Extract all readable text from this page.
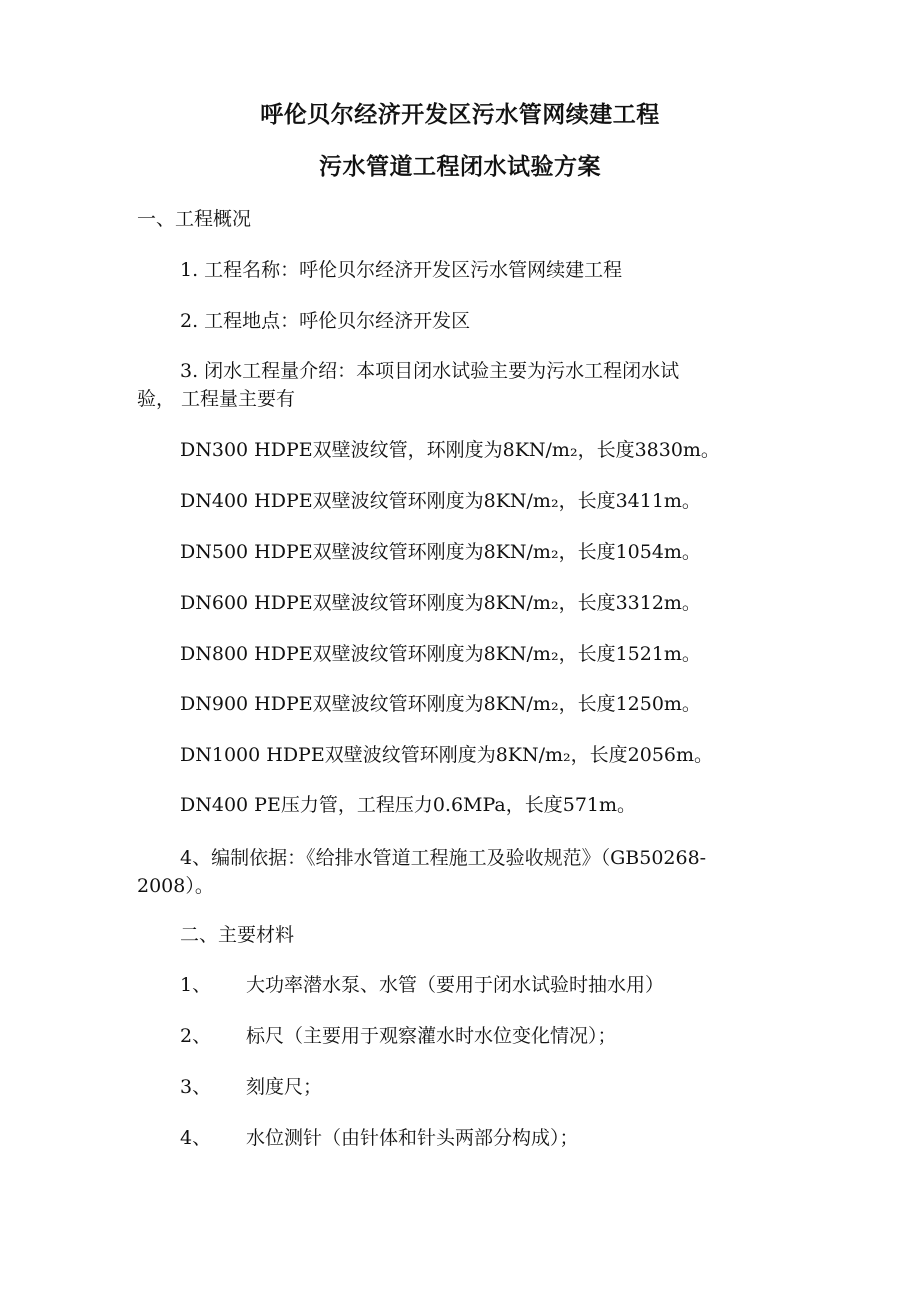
呼伦贝尔经济开发区污水管网续建工程
污水管道工程闭水试验方案
一、工程概况
1. 工程名称：呼伦贝尔经济开发区污水管网续建工程
2. 工程地点：呼伦贝尔经济开发区
3. 闭水工程量介绍：本项目闭水试验主要为污水工程闭水试
验， 工程量主要有
DN300 HDPE双壁波纹管，环刚度为8KN/m₂，长度3830m。
DN400 HDPE双壁波纹管环刚度为8KN/m₂，长度3411m。
DN500 HDPE双壁波纹管环刚度为8KN/m₂，长度1054m。
DN600 HDPE双壁波纹管环刚度为8KN/m₂，长度3312m。
DN800 HDPE双壁波纹管环刚度为8KN/m₂，长度1521m。
DN900 HDPE双壁波纹管环刚度为8KN/m₂，长度1250m。
DN1000 HDPE双壁波纹管环刚度为8KN/m₂，长度2056m。
DN400 PE压力管，工程压力0.6MPa，长度571m。
4、编制依据：《给排水管道工程施工及验收规范》（GB50268-
2008）。
二、主要材料
1、 大功率潜水泵、水管（要用于闭水试验时抽水用）
2、 标尺（主要用于观察灌水时水位变化情况）；
3、 刻度尺；
4、 水位测针（由针体和针头两部分构成）；
